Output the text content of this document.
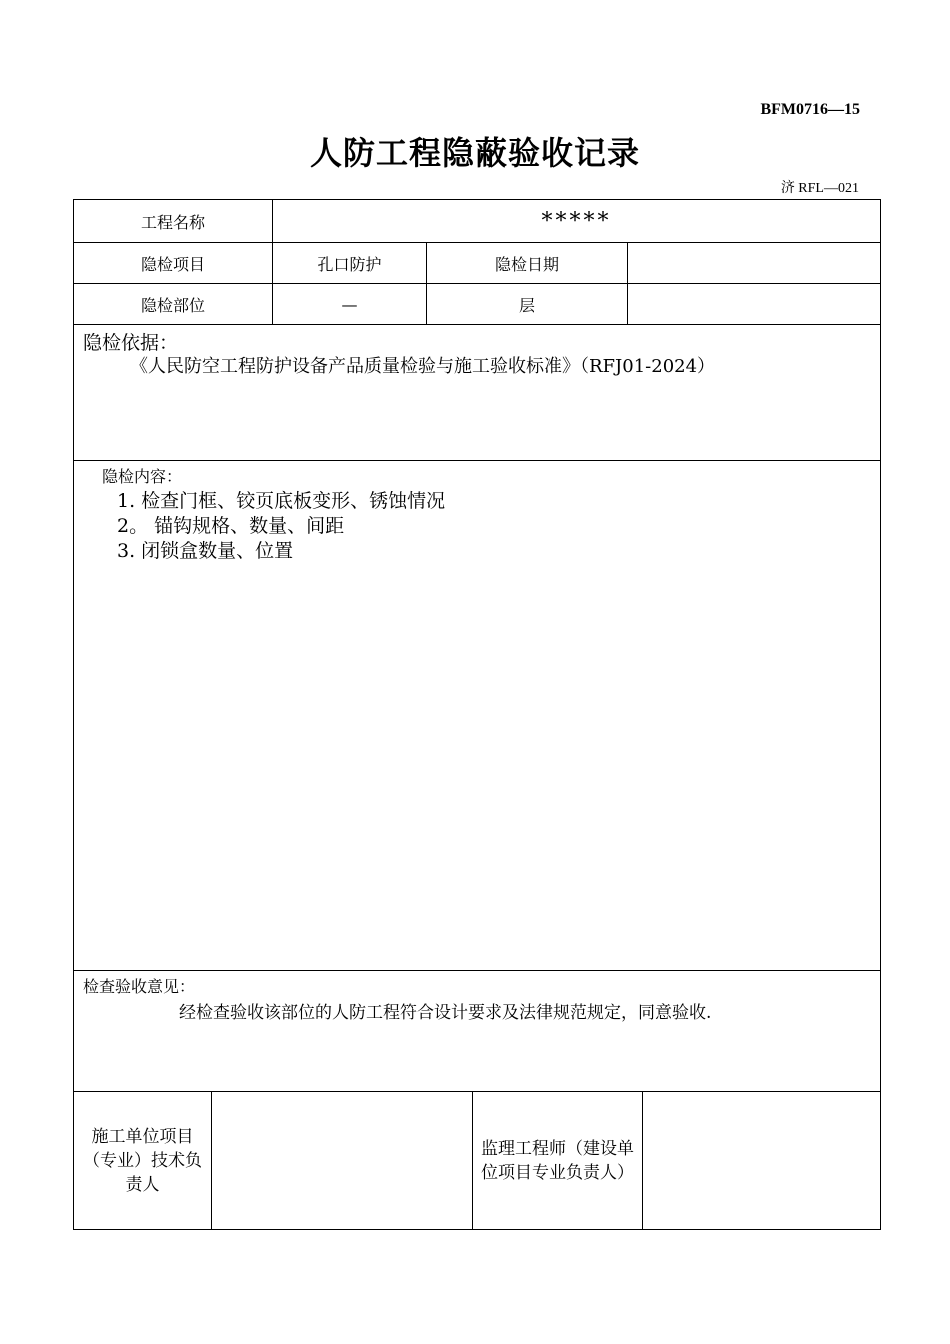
BFM0716—15
人防工程隐蔽验收记录
济 RFL—021
工程名称	*****
隐检项目	孔口防护	隐检日期
隐检部位	—	层
隐检依据：
《人民防空工程防护设备产品质量检验与施工验收标准》（RFJ01-2024）
隐检内容：
1. 检查门框、铰页底板变形、锈蚀情况
2。 锚钩规格、数量、间距
3. 闭锁盒数量、位置
检查验收意见：
经检查验收该部位的人防工程符合设计要求及法律规范规定，同意验收.
施工单位项目（专业）技术负责人
监理工程师（建设单位项目专业负责人）
